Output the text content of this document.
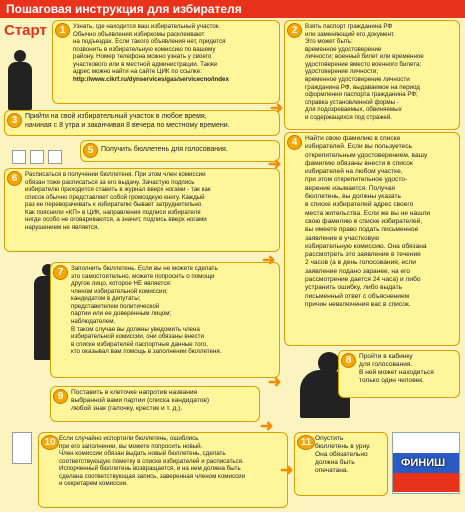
Пошаговая инструкция для избирателя
Старт
ФИНИШ
1	Узнать, где находится ваш избирательный участок.
Обычно объявления избиркомы расклеивают
на подъездах. Если такого объявления нет, придется
позвонить в избирательную комиссию по вашему
району. Номер телефона можно узнать у своего
участкового или в местной администрации. Также
адрес можно найти на сайте ЦИК по ссылке:
http://www.cikrf.ru/dynservices/gas/servicecno/index
2	Взять паспорт гражданина РФ
или заменяющий его документ.
Это может быть:
временное удостоверение
личности; военный билет или временное
удостоверение вместо военного билета;
удостоверение личности;
временное удостоверение личности
гражданина РФ, выдаваемое на период
оформления паспорта гражданина РФ;
справка установленной формы -
для подозреваемых, обвиняемых
и содержащихся под стражей.
3	Прийти на свой избирательный участок в любое время,
начиная с 8 утра и заканчивая 8 вечера по местному времени.
4	Найти свою фамилию в списке
избирателей. Если вы пользуетесь
открепительным удостоверением, вашу
фамилию обязаны внести в список
избирателей на любом участке,
при этом открепительное удосто-
верение изымается. Получая
бюллетень, вы должны указать
в списке избирателей адрес своего
места жительства. Если же вы не нашли
свою фамилию в списке избирателей,
вы имеете право подать письменное
заявление в участковую
избирательную комиссию. Она обязана
рассмотреть это заявление в течение
2 часов (а в день голосования, если
заявление подано заранее, на его
рассмотрение дается 24 часа) и либо
устранить ошибку, либо выдать
письменный ответ с объяснением
причин невключения вас в список.
5	Получить бюллетень для голосования.
6	Расписаться в получении бюллетеня. При этом член комиссии
обязан тоже расписаться за его выдачу. Зачастую подпись
избирателю приходится ставить в журнал вверх ногами - так как
список обычно представляет собой громоздкую книгу. Каждый
раз ее переворачивать к избирателю бывает затруднительно.
Как пояснили «КП» в ЦИК, направления подписи избирателя
нигде особо не оговариваются, а значит, подпись вверх ногами
нарушением не является.
7	Заполнить бюллетень. Если вы не можете сделать
это самостоятельно, можете попросить о помощи
другое лицо, которое НЕ является:
членом избирательной комиссии;
кандидатом в депутаты;
представителем политической
партии или ее доверенным лицом;
наблюдателем.
В таком случае вы должны уведомить члена
избирательной комиссии, они обязаны внести
в списке избирателей паспортные данные того,
кто оказывал вам помощь в заполнении бюллетеня.
8	Пройти в кабинку
для голосования.
В ней может находиться
только один человек.
9	Поставить в клеточке напротив названия
выбранной вами партии (списка кандидатов)
любой знак (галочку, крестик и т. д.).
10 Если случайно испортили бюллетень, ошиблись
при его заполнении, вы можете попросить новый.
Член комиссии обязан выдать новый бюллетень, сделать
соответствующую пометку в списке избирателей и расписаться.
Испорченный бюллетень возвращается, и на нем должна быть
сделана соответствующая запись, заверенная членом комиссии
и секретарем комиссии.
11 Опустить
бюллетень в урну.
Она обязательно
должна быть
опечатана.
➜
➜
➜
➜
➜
➜
